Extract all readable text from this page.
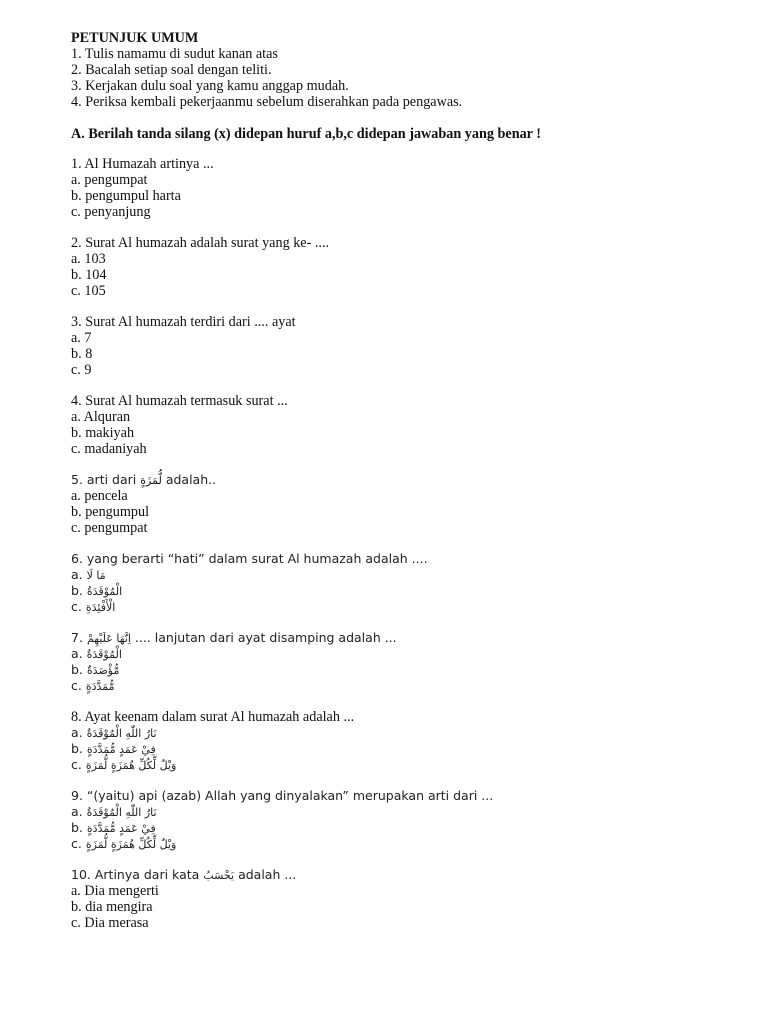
PETUNJUK UMUM
1. Tulis namamu di sudut kanan atas
2. Bacalah setiap soal dengan teliti.
3. Kerjakan dulu soal yang kamu anggap mudah.
4. Periksa kembali pekerjaanmu sebelum diserahkan pada pengawas.
A. Berilah tanda silang (x) didepan huruf a,b,c didepan jawaban yang benar !
1. Al Humazah artinya ...
a. pengumpat
b. pengumpul harta
c. penyanjung
2. Surat Al humazah adalah surat yang ke- ....
a. 103
b. 104
c. 105
3. Surat Al humazah terdiri dari .... ayat
a. 7
b. 8
c. 9
4. Surat Al humazah termasuk surat ...
a. Alquran
b. makiyah
c. madaniyah
5. arti dari لُّمَزَةٍ adalah..
a. pencela
b. pengumpul
c. pengumpat
6. yang berarti “hati” dalam surat Al humazah adalah ....
a. مَا لَا
b. الْمُوْقَدَةُ
c. الْأَفْئِدَةِ
7. اِنَّهَا عَلَيْهِمْ .... lanjutan dari ayat disamping adalah ...
a. الْمُوْقَدَةُ
b. مُّؤْصَدَةٌ
c. مُّمَدَّدَةٍ
8. Ayat keenam dalam surat Al humazah adalah ...
a. نَارُ اللّٰهِ الْمُوْقَدَةُ
b. فِيْ عَمَدٍ مُّمَدَّدَةٍ
c. وَيْلٌ لِّكُلِّ هُمَزَةٍ لُّمَزَةٍ
9. “(yaitu) api (azab) Allah yang dinyalakan” merupakan arti dari ...
a. نَارُ اللّٰهِ الْمُوْقَدَةُ
b. فِيْ عَمَدٍ مُّمَدَّدَةٍ
c. وَيْلٌ لِّكُلِّ هُمَزَةٍ لُّمَزَةٍ
10. Artinya dari kata يَحْسَبُ adalah ...
a. Dia mengerti
b. dia mengira
c. Dia merasa
